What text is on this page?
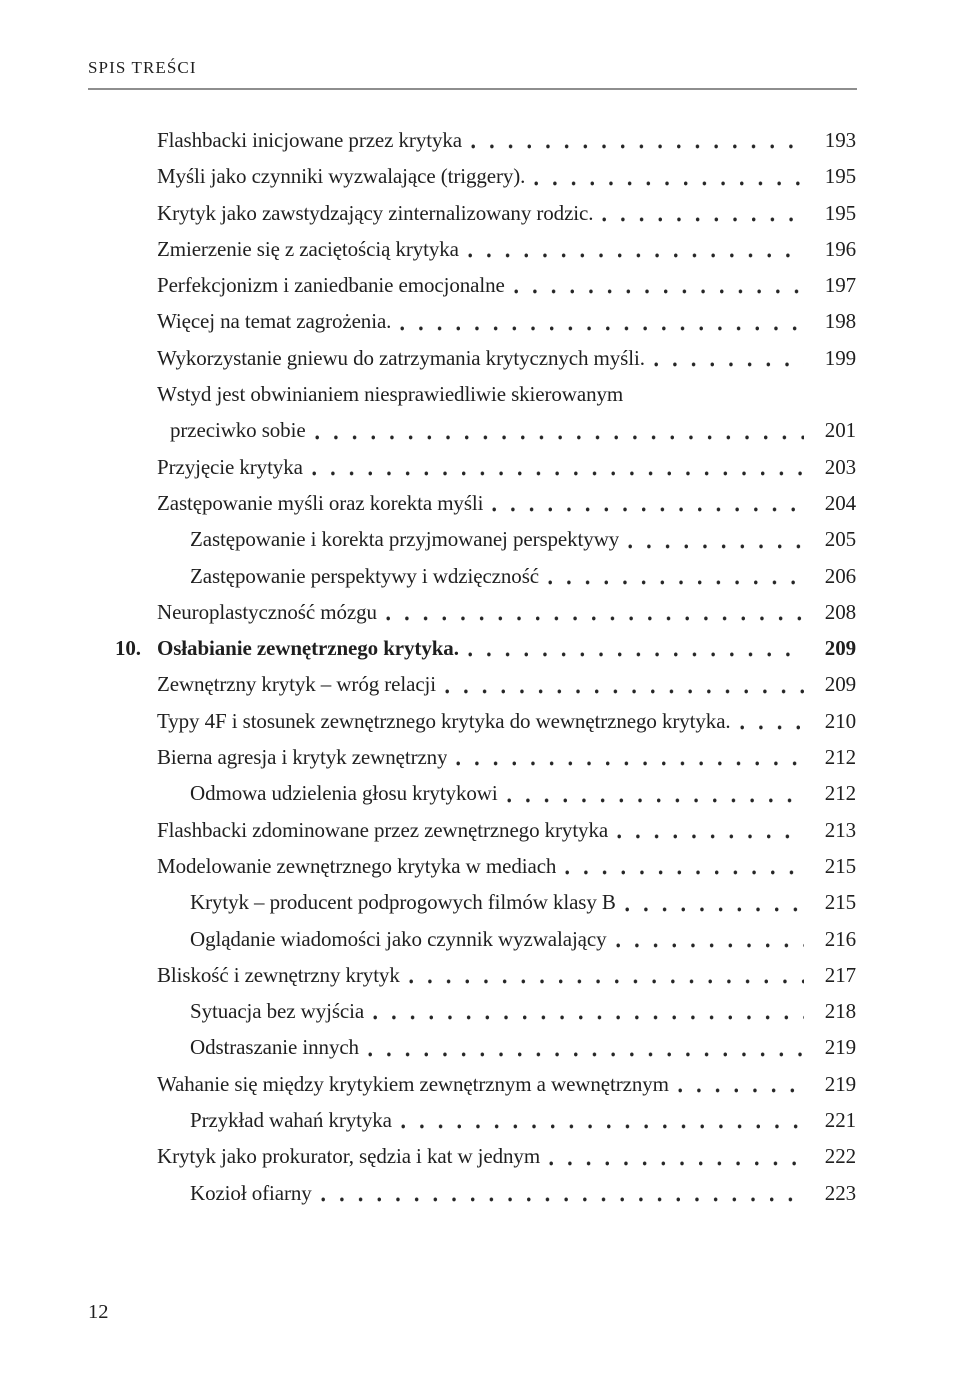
SPIS TREŚCI
Flashbacki inicjowane przez krytyka	193
Myśli jako czynniki wyzwalające (triggery).	195
Krytyk jako zawstydzający zinternalizowany rodzic.	195
Zmierzenie się z zaciętością krytyka	196
Perfekcjonizm i zaniedbanie emocjonalne	197
Więcej na temat zagrożenia.	198
Wykorzystanie gniewu do zatrzymania krytycznych myśli.	199
Wstyd jest obwinianiem niesprawiedliwie skierowanym
przeciwko sobie	201
Przyjęcie krytyka	203
Zastępowanie myśli oraz korekta myśli	204
Zastępowanie i korekta przyjmowanej perspektywy	205
Zastępowanie perspektywy i wdzięczność	206
Neuroplastyczność mózgu	208
10. Osłabianie zewnętrznego krytyka.	209
Zewnętrzny krytyk – wróg relacji	209
Typy 4F i stosunek zewnętrznego krytyka do wewnętrznego krytyka.	210
Bierna agresja i krytyk zewnętrzny	212
Odmowa udzielenia głosu krytykowi	212
Flashbacki zdominowane przez zewnętrznego krytyka	213
Modelowanie zewnętrznego krytyka w mediach	215
Krytyk – producent podprogowych filmów klasy B	215
Oglądanie wiadomości jako czynnik wyzwalający	216
Bliskość i zewnętrzny krytyk	217
Sytuacja bez wyjścia	218
Odstraszanie innych	219
Wahanie się między krytykiem zewnętrznym a wewnętrznym	219
Przykład wahań krytyka	221
Krytyk jako prokurator, sędzia i kat w jednym	222
Kozioł ofiarny	223
12
